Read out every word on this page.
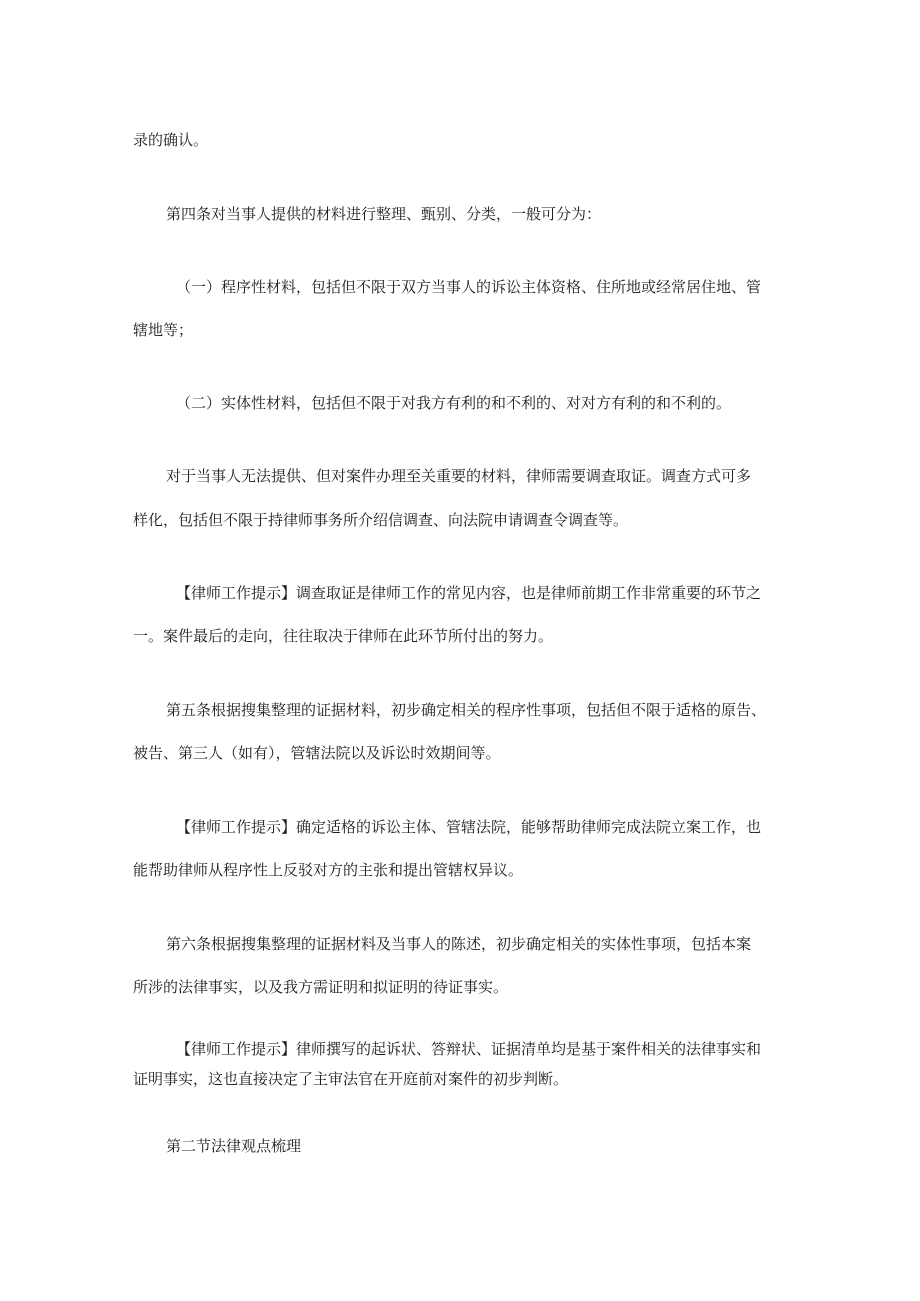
录的确认。
第四条对当事人提供的材料进行整理、甄别、分类，一般可分为：
（一）程序性材料，包括但不限于双方当事人的诉讼主体资格、住所地或经常居住地、管
辖地等；
（二）实体性材料，包括但不限于对我方有利的和不利的、对对方有利的和不利的。
对于当事人无法提供、但对案件办理至关重要的材料，律师需要调查取证。调查方式可多
样化，包括但不限于持律师事务所介绍信调查、向法院申请调查令调查等。
【律师工作提示】调查取证是律师工作的常见内容，也是律师前期工作非常重要的环节之
一。案件最后的走向，往往取决于律师在此环节所付出的努力。
第五条根据搜集整理的证据材料，初步确定相关的程序性事项，包括但不限于适格的原告、
被告、第三人（如有），管辖法院以及诉讼时效期间等。
【律师工作提示】确定适格的诉讼主体、管辖法院，能够帮助律师完成法院立案工作，也
能帮助律师从程序性上反驳对方的主张和提出管辖权异议。
第六条根据搜集整理的证据材料及当事人的陈述，初步确定相关的实体性事项，包括本案
所涉的法律事实，以及我方需证明和拟证明的待证事实。
【律师工作提示】律师撰写的起诉状、答辩状、证据清单均是基于案件相关的法律事实和
证明事实，这也直接决定了主审法官在开庭前对案件的初步判断。
第二节法律观点梳理
